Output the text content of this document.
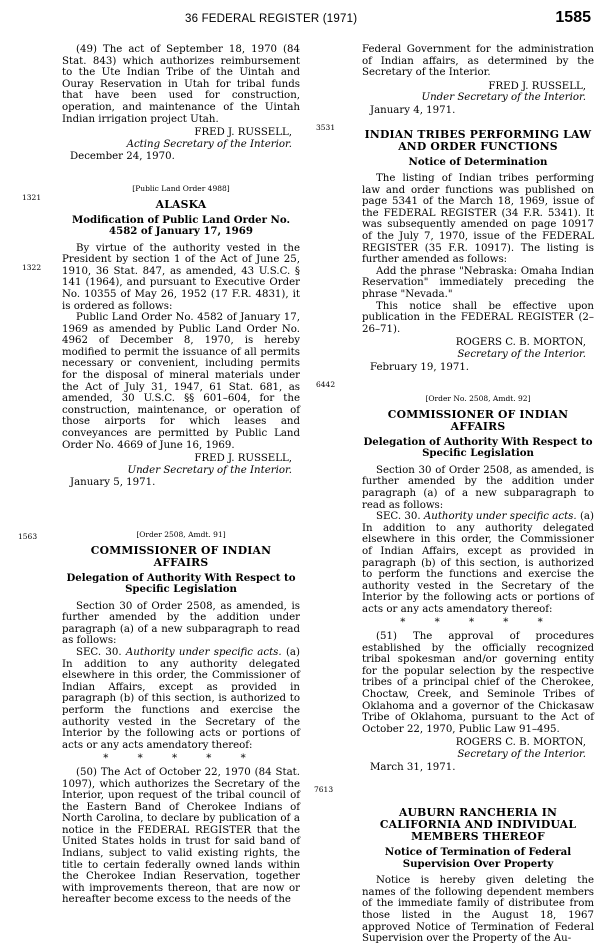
36 FEDERAL REGISTER (1971)	1585
1321
1322
1563
3531
6442
7613

(49) The act of September 18, 1970 (84 Stat. 843) which authorizes reimbursement to the Ute Indian Tribe of the Uintah and Ouray Reservation in Utah for tribal funds that have been used for construction, operation, and maintenance of the Uintah Indian irrigation project Utah.

FRED J. RUSSELL,
Acting Secretary of the Interior.

December 24, 1970.

[Public Land Order 4988]
ALASKA
Modification of Public Land Order No. 4582 of January 17, 1969

By virtue of the authority vested in the President by section 1 of the Act of June 25, 1910, 36 Stat. 847, as amended, 43 U.S.C. § 141 (1964), and pursuant to Executive Order No. 10355 of May 26, 1952 (17 F.R. 4831), it is ordered as follows:

Public Land Order No. 4582 of January 17, 1969 as amended by Public Land Order No. 4962 of December 8, 1970, is hereby modified to permit the issuance of all permits necessary or convenient, including permits for the disposal of mineral materials under the Act of July 31, 1947, 61 Stat. 681, as amended, 30 U.S.C. §§ 601–604, for the construction, maintenance, or operation of those airports for which leases and conveyances are permitted by Public Land Order No. 4669 of June 16, 1969.

FRED J. RUSSELL,
Under Secretary of the Interior.

January 5, 1971.

[Order 2508, Amdt. 91]
COMMISSIONER OF INDIAN AFFAIRS
Delegation of Authority With Respect to Specific Legislation

Section 30 of Order 2508, as amended, is further amended by the addition under paragraph (a) of a new subparagraph to read as follows:

SEC. 30. Authority under specific acts. (a) In addition to any authority delegated elsewhere in this order, the Commissioner of Indian Affairs, except as provided in paragraph (b) of this section, is authorized to perform the functions and exercise the authority vested in the Secretary of the Interior by the following acts or portions of acts or any acts amendatory thereof:

* * * * *

(50) The Act of October 22, 1970 (84 Stat. 1097), which authorizes the Secretary of the Interior, upon request of the tribal council of the Eastern Band of Cherokee Indians of North Carolina, to declare by publication of a notice in the FEDERAL REGISTER that the United States holds in trust for said band of Indians, subject to valid existing rights, the title to certain federally owned lands within the Cherokee Indian Reservation, together with improvements thereon, that are now or hereafter become excess to the needs of the

Federal Government for the administration of Indian affairs, as determined by the Secretary of the Interior.

FRED J. RUSSELL,
Under Secretary of the Interior.

January 4, 1971.

INDIAN TRIBES PERFORMING LAW AND ORDER FUNCTIONS
Notice of Determination

The listing of Indian tribes performing law and order functions was published on page 5341 of the March 18, 1969, issue of the FEDERAL REGISTER (34 F.R. 5341). It was subsequently amended on page 10917 of the July 7, 1970, issue of the FEDERAL REGISTER (35 F.R. 10917). The listing is further amended as follows:

Add the phrase "Nebraska: Omaha Indian Reservation" immediately preceding the phrase "Nevada."

This notice shall be effective upon publication in the FEDERAL REGISTER (2–26–71).

ROGERS C. B. MORTON,
Secretary of the Interior.

February 19, 1971.

[Order No. 2508, Amdt. 92]
COMMISSIONER OF INDIAN AFFAIRS
Delegation of Authority With Respect to Specific Legislation

Section 30 of Order 2508, as amended, is further amended by the addition under paragraph (a) of a new subparagraph to read as follows:

SEC. 30. Authority under specific acts. (a) In addition to any authority delegated elsewhere in this order, the Commissioner of Indian Affairs, except as provided in paragraph (b) of this section, is authorized to perform the functions and exercise the authority vested in the Secretary of the Interior by the following acts or portions of acts or any acts amendatory thereof:

* * * * *

(51) The approval of procedures established by the officially recognized tribal spokesman and/or governing entity for the popular selection by the respective tribes of a principal chief of the Cherokee, Choctaw, Creek, and Seminole Tribes of Oklahoma and a governor of the Chickasaw Tribe of Oklahoma, pursuant to the Act of October 22, 1970, Public Law 91–495.

ROGERS C. B. MORTON,
Secretary of the Interior.

March 31, 1971.

AUBURN RANCHERIA IN CALIFORNIA AND INDIVIDUAL MEMBERS THEREOF
Notice of Termination of Federal Supervision Over Property

Notice is hereby given deleting the names of the following dependent members of the immediate family of distributee from those listed in the August 18, 1967 approved Notice of Termination of Federal Supervision over the Property of the Au-
